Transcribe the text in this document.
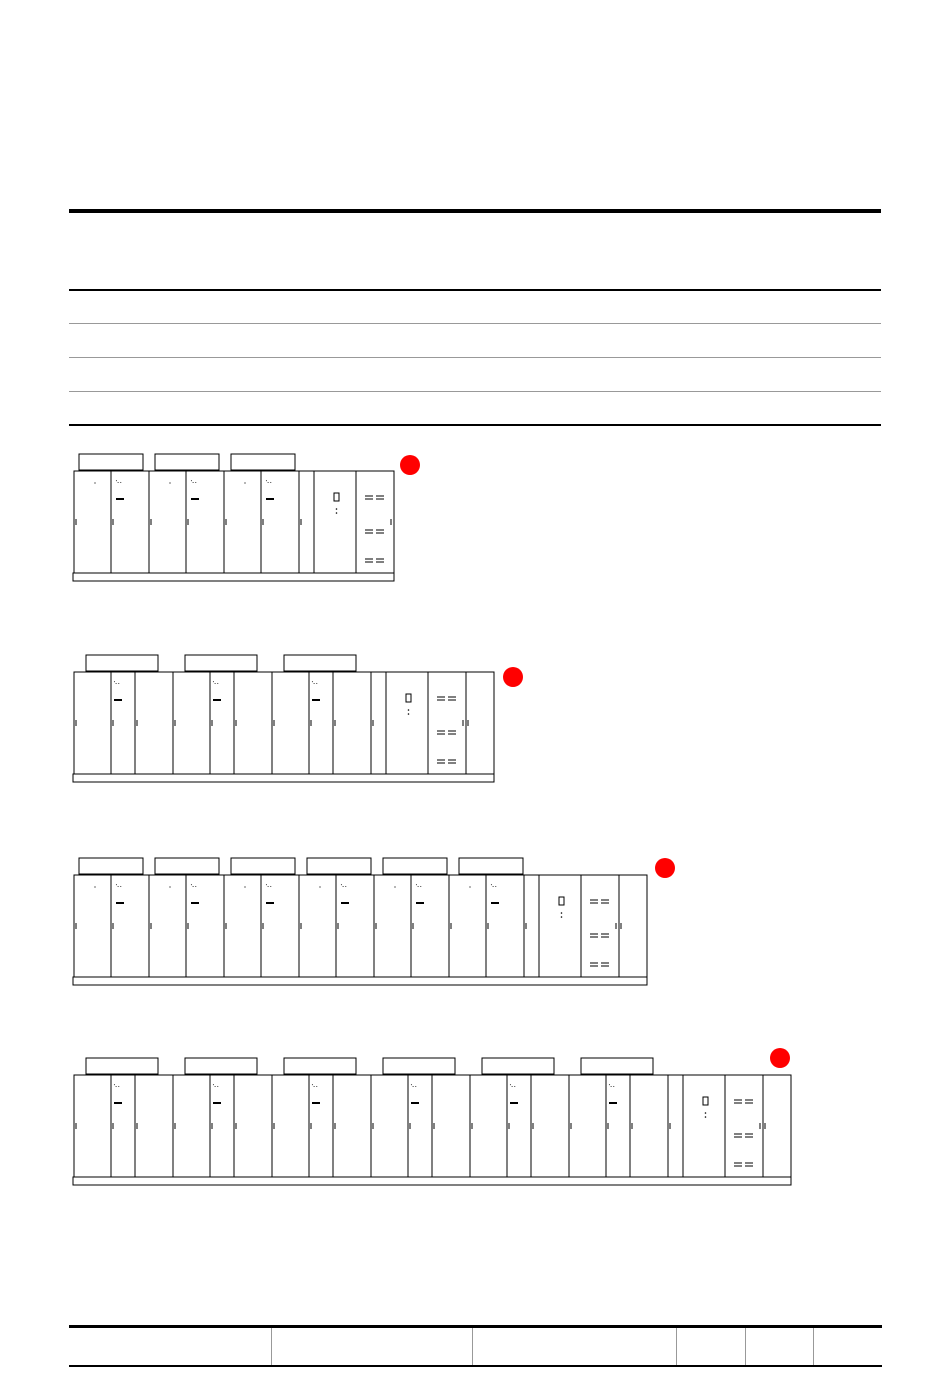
⠑⠂	⠑⠂	⠑⠂
⠑⠂	⠑⠂	⠑⠂
⠑⠂	⠑⠂	⠑⠂	⠑⠂	⠑⠂	⠑⠂
⠑⠂	⠑⠂	⠑⠂	⠑⠂	⠑⠂	⠑⠂
